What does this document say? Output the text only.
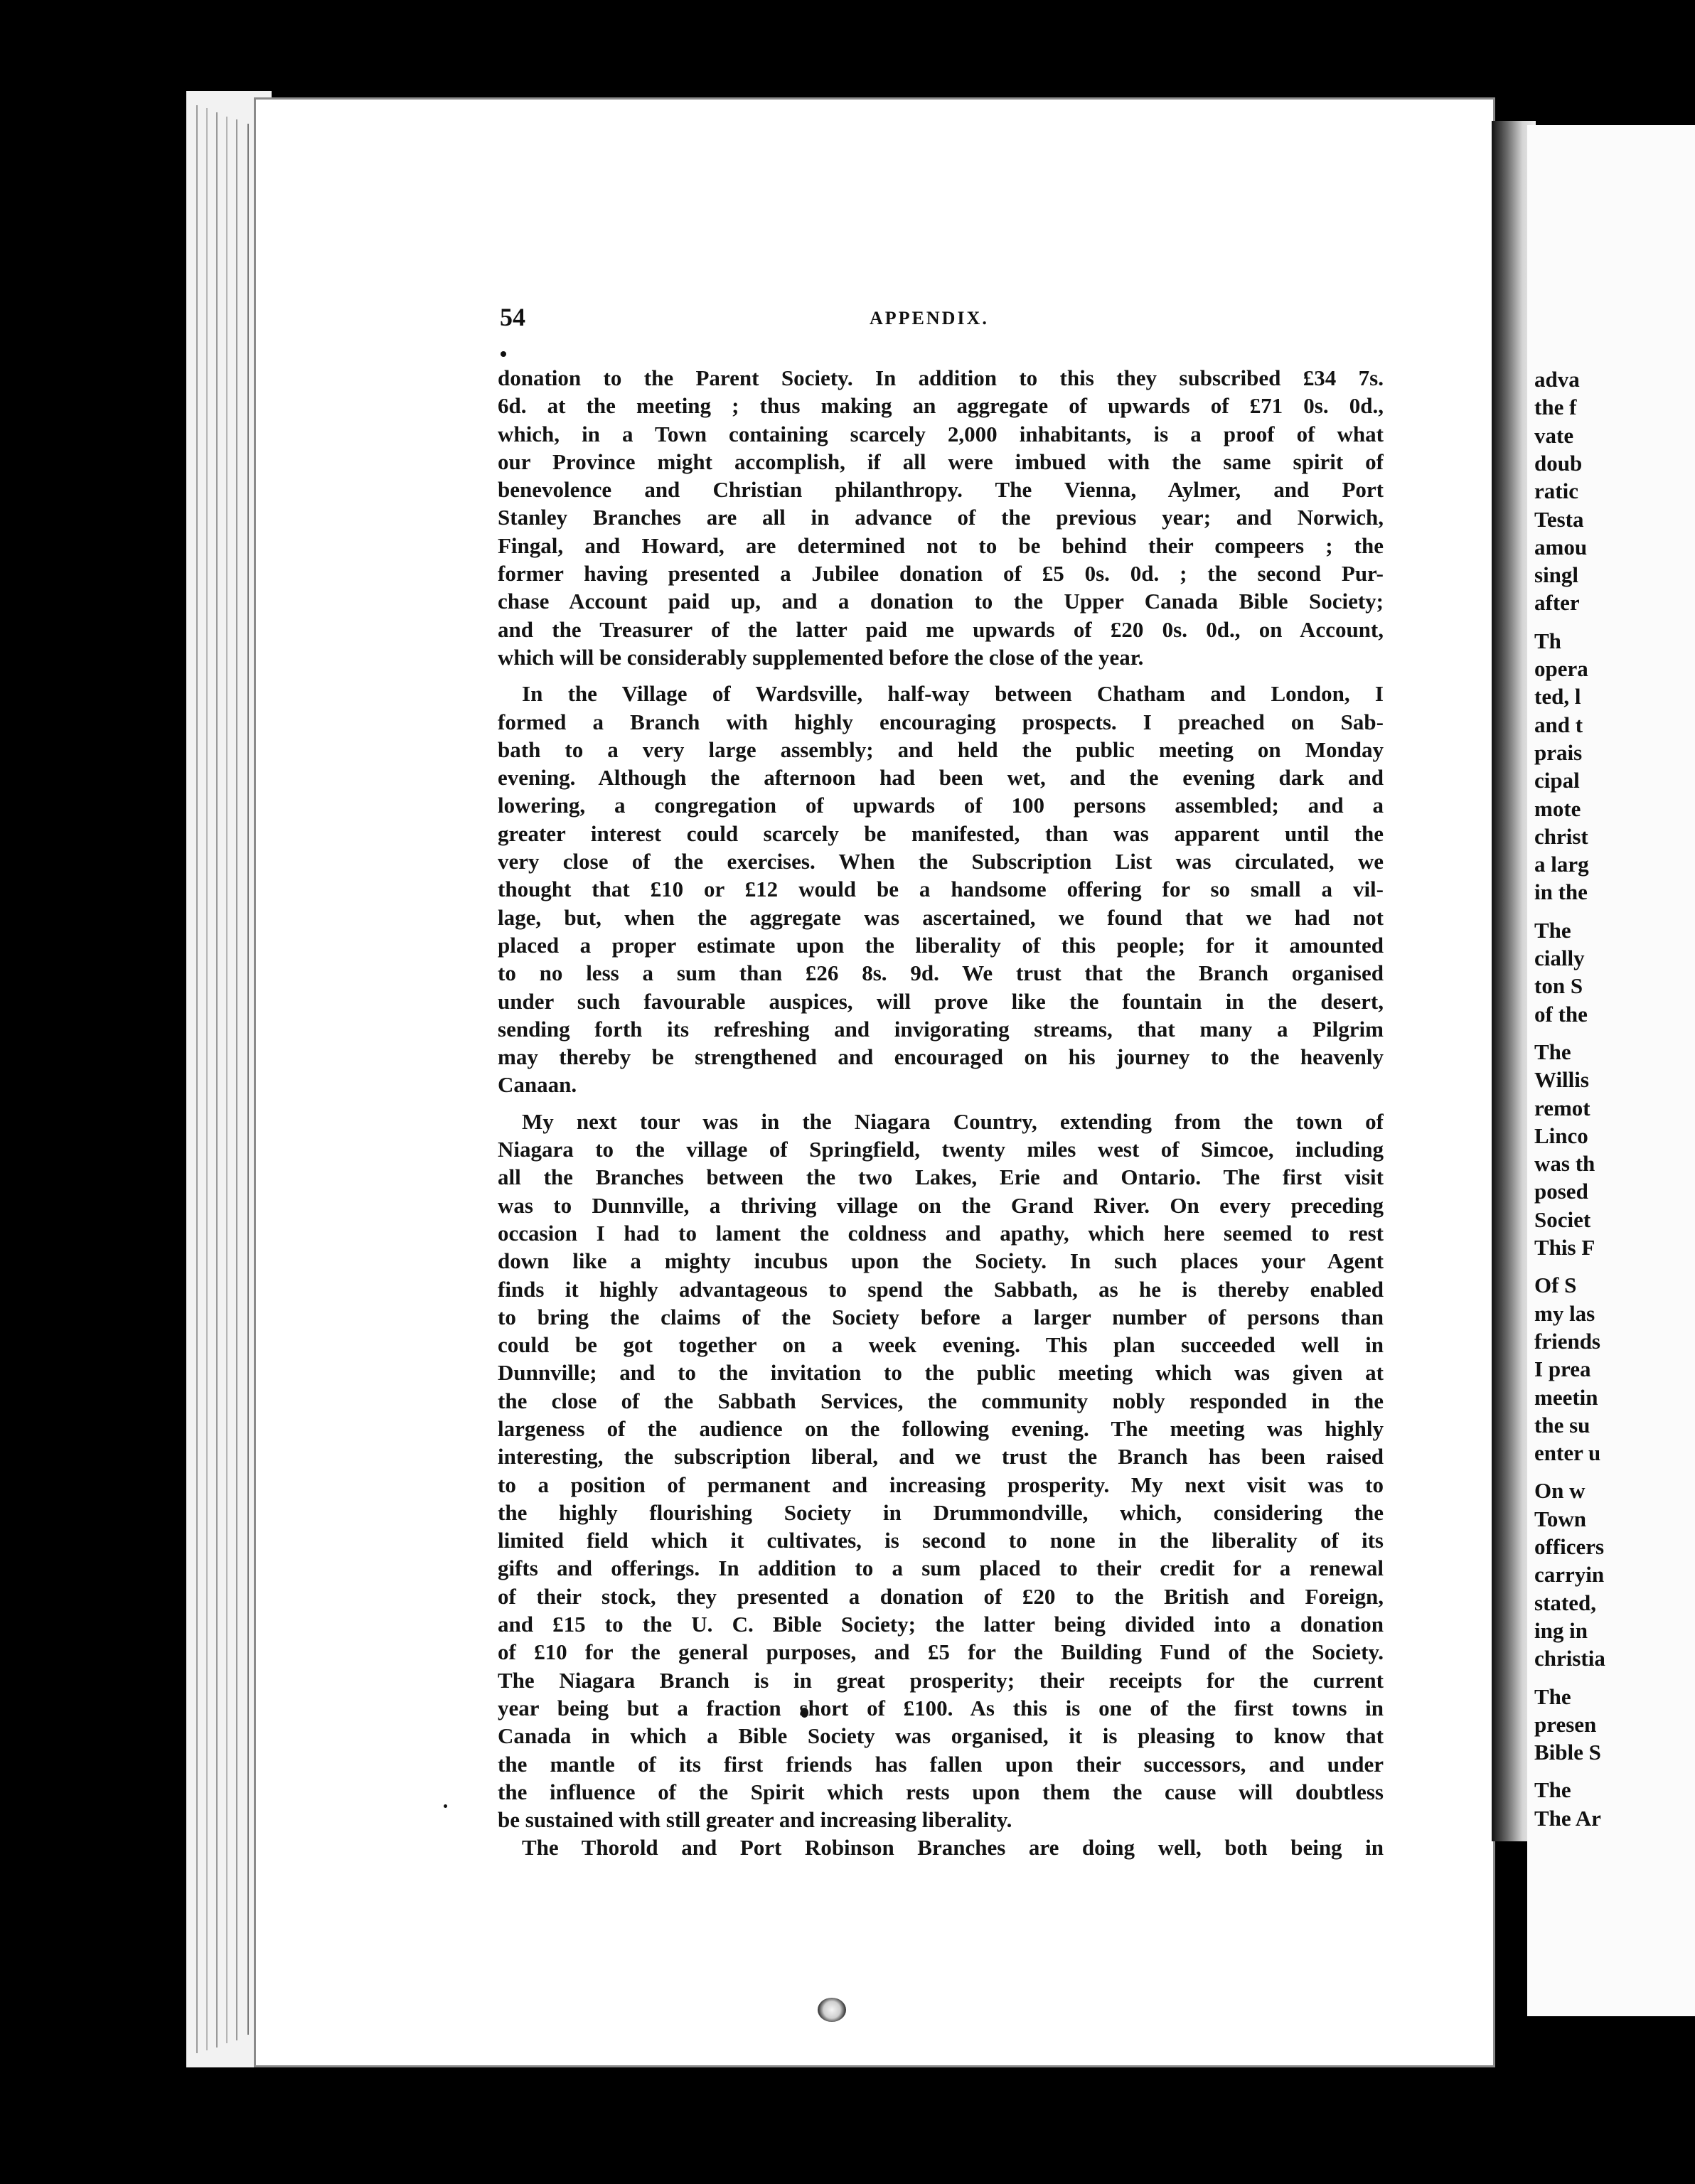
adva
the f
vate
doub
ratic
Testa
amou
singl
after
Th
opera
ted, l
and t
prais
cipal
mote
christ
a larg
in the
The
cially
ton S
of the
The
Willis
remot
Linco
was th
posed
Societ
This F
Of S
my las
friends
I prea
meetin
the su
enter u
On w
Town
officers
carryin
stated,
ing in
christia
The
presen
Bible S
The
The Ar
54	APPENDIX.
donation to the Parent Society. In addition to this they subscribed £34 7s.
6d. at the meeting ; thus making an aggregate of upwards of £71 0s. 0d.,
which, in a Town containing scarcely 2,000 inhabitants, is a proof of what
our Province might accomplish, if all were imbued with the same spirit of
benevolence and Christian philanthropy. The Vienna, Aylmer, and Port
Stanley Branches are all in advance of the previous year; and Norwich,
Fingal, and Howard, are determined not to be behind their compeers ; the
former having presented a Jubilee donation of £5 0s. 0d. ; the second Pur-
chase Account paid up, and a donation to the Upper Canada Bible Society;
and the Treasurer of the latter paid me upwards of £20 0s. 0d., on Account,
which will be considerably supplemented before the close of the year.
In the Village of Wardsville, half-way between Chatham and London, I
formed a Branch with highly encouraging prospects. I preached on Sab-
bath to a very large assembly; and held the public meeting on Monday
evening. Although the afternoon had been wet, and the evening dark and
lowering, a congregation of upwards of 100 persons assembled; and a
greater interest could scarcely be manifested, than was apparent until the
very close of the exercises. When the Subscription List was circulated, we
thought that £10 or £12 would be a handsome offering for so small a vil-
lage, but, when the aggregate was ascertained, we found that we had not
placed a proper estimate upon the liberality of this people; for it amounted
to no less a sum than £26 8s. 9d. We trust that the Branch organised
under such favourable auspices, will prove like the fountain in the desert,
sending forth its refreshing and invigorating streams, that many a Pilgrim
may thereby be strengthened and encouraged on his journey to the heavenly
Canaan.
My next tour was in the Niagara Country, extending from the town of
Niagara to the village of Springfield, twenty miles west of Simcoe, including
all the Branches between the two Lakes, Erie and Ontario. The first visit
was to Dunnville, a thriving village on the Grand River. On every preceding
occasion I had to lament the coldness and apathy, which here seemed to rest
down like a mighty incubus upon the Society. In such places your Agent
finds it highly advantageous to spend the Sabbath, as he is thereby enabled
to bring the claims of the Society before a larger number of persons than
could be got together on a week evening. This plan succeeded well in
Dunnville; and to the invitation to the public meeting which was given at
the close of the Sabbath Services, the community nobly responded in the
largeness of the audience on the following evening. The meeting was highly
interesting, the subscription liberal, and we trust the Branch has been raised
to a position of permanent and increasing prosperity. My next visit was to
the highly flourishing Society in Drummondville, which, considering the
limited field which it cultivates, is second to none in the liberality of its
gifts and offerings. In addition to a sum placed to their credit for a renewal
of their stock, they presented a donation of £20 to the British and Foreign,
and £15 to the U. C. Bible Society; the latter being divided into a donation
of £10 for the general purposes, and £5 for the Building Fund of the Society.
The Niagara Branch is in great prosperity; their receipts for the current
year being but a fraction short of £100. As this is one of the first towns in
Canada in which a Bible Society was organised, it is pleasing to know that
the mantle of its first friends has fallen upon their successors, and under
the influence of the Spirit which rests upon them the cause will doubtless
be sustained with still greater and increasing liberality.
The Thorold and Port Robinson Branches are doing well, both being in
